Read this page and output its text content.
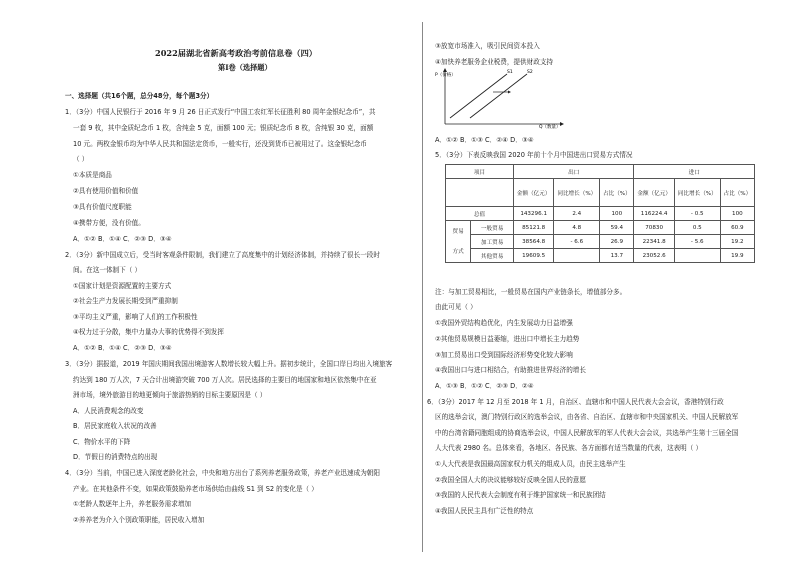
2022届湖北省新高考政治考前信息卷（四）
第I卷（选择题）
一、选择题（共16个题，总分48分，每个题3分）
1．（3分）中国人民银行于 2016 年 9 月 26 日正式发行“中国工农红军长征胜利 80 周年金银纪念币”，共
一套 9 枚，其中金质纪念币 1 枚，含纯金 5 克，面额 100 元；银质纪念币 8 枚，含纯银 30 克，面额
10 元。两枚金银币均为中华人民共和国法定货币，一般实行，还没到货币已被用过了。这金银纪念币
（ ）
①本质是商品
②具有使用价值和价值
③具有价值尺度职能
④携带方便，没有价值。
A．①② B．①④ C．②③ D．③④
2．（3分）新中国成立后，受当时客观条件限制，我们建立了高度集中的计划经济体制，并持续了很长一段时
间。在这一体制下（ ）
①国家计划是资源配置的主要方式
②社会生产力发展长期受到严重抑制
③平均主义严重，影响了人们的工作积极性
④权力过于分散，集中力量办大事的优势得不到发挥
A．①② B．①④ C．②③ D．③④
3．（3分）据报道，2019 年国庆期间我国出境游客人数增长较大幅上升。据初步统计，全国口岸日均出入境旅客
约达到 180 万人次，7 天合计出境游突破 700 万人次。居民选择的主要目的地国家和地区依然集中在亚
洲市场，境外旅游目的地更倾向于旅游热销的目标主要原因是（ ）
A．人民消费观念的改变
B．居民家庭收入状况的改善
C．物价水平的下降
D．节假日的消费特点的出现
4．（3分）当前，中国已进入深度老龄化社会，中央和地方出台了系列养老服务政策，养老产业迅速成为朝阳
产业。在其他条件不变，如果政策鼓励养老市场供给由曲线 S1 到 S2 的变化是（ ）
①老龄人数逐年上升，养老服务需求增加
②养养老为介入个别政策职能，居民收入增加
③放宽市场准入，吸引民间资本投入
④加快养老服务企业税费，提供财政支持
P（价格）
Q（数量）
S1	S2
A．①② B．①③ C．②④ D．③④
5．（3分）下表反映我国 2020 年前十个月中国进出口贸易方式情况
项目		出口			进口		
		金额（亿元）	同比增长（%）	占比（%）	金额（亿元）	同比增长（%）	占比（%）
总值		143296.1	2.4	100	116224.4	- 0.5	100
贸易

方式	一般贸易	85121.8	4.8	59.4	70830	0.5	60.9
	加工贸易	38564.8	- 6.6	26.9	22341.8	- 5.6	19.2
	其他贸易	19609.5		13.7	23052.6		19.9
注：与加工贸易相比，一般贸易在国内产业链条长，增值部分多。
由此可见（ ）
①我国外贸结构趋优化，内生发展动力日益增强
②其他贸易规模日益萎缩，进出口中增长主力趋势
③加工贸易出口受到国际经济形势变化较大影响
④我国出口与进口相结合，有助推进世界经济的增长
A．①③ B．①② C．②③ D．②④
6．（3分）2017 年 12 月至 2018 年 1 月，自治区、直辖市和中国人民代表大会会议，香港特别行政
区的选举会议，澳门特别行政区的选举会议，由各省、自治区、直辖市和中央国家机关、中国人民解放军
中的台湾省籍同胞组成的协商选举会议，中国人民解放军的军人代表大会会议，共选举产生第十三届全国
人大代表 2980 名。总体来看，各地区、各民族、各方面都有适当数量的代表，这表明（ ）
①人大代表是我国最高国家权力机关的组成人员，由民主选举产生
②我国全国人大的决议能够较好反映全国人民的意愿
③我国的人民代表大会制度有利于维护国家统一和民族团结
④我国人民民主具有广泛性的特点
